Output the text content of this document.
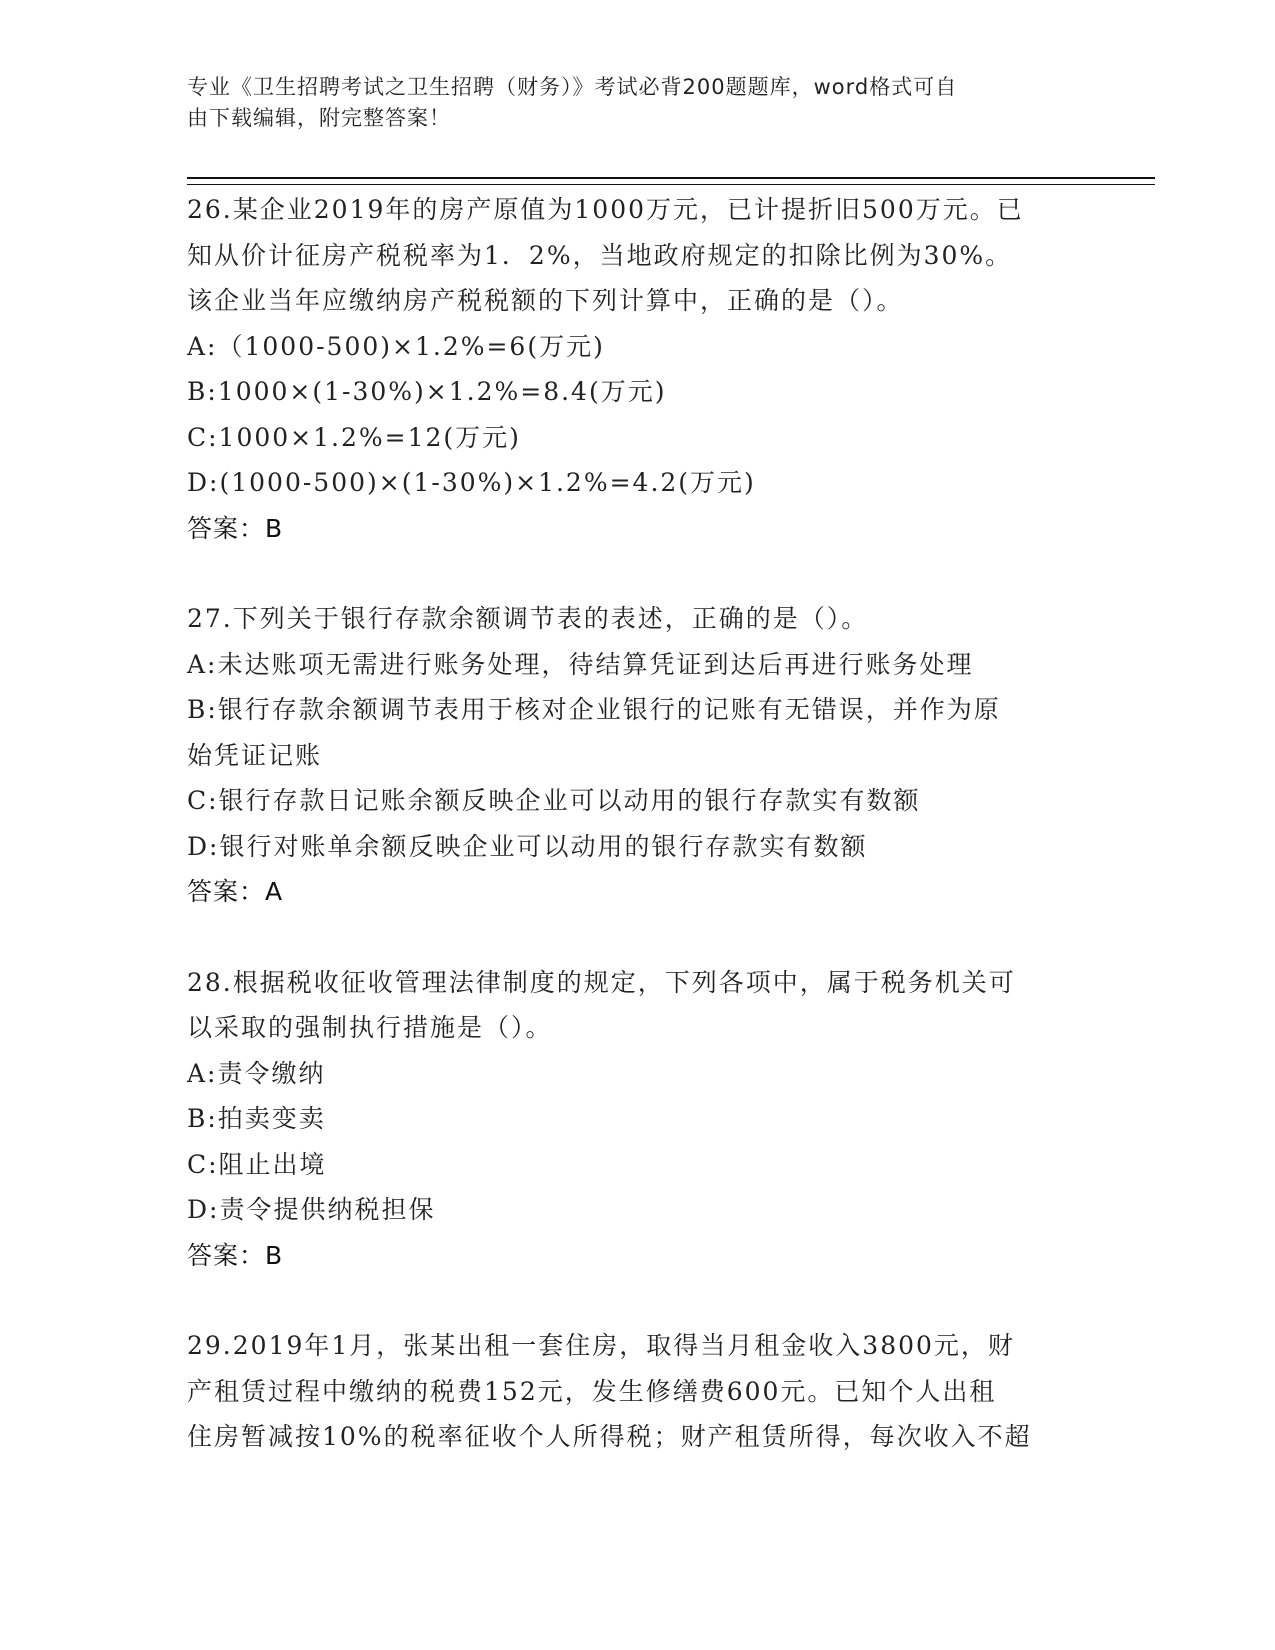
专业《卫生招聘考试之卫生招聘（财务）》考试必背200题题库，word格式可自
由下载编辑，附完整答案！
26.某企业2019年的房产原值为1000万元，已计提折旧500万元。已
知从价计征房产税税率为1．2%，当地政府规定的扣除比例为30%。
该企业当年应缴纳房产税税额的下列计算中，正确的是（）。
A:（1000-500)×1.2%=6(万元)
B:1000×(1-30%)×1.2%=8.4(万元)
C:1000×1.2%=12(万元)
D:(1000-500)×(1-30%)×1.2%=4.2(万元)
答案：B
27.下列关于银行存款余额调节表的表述，正确的是（）。
A:未达账项无需进行账务处理，待结算凭证到达后再进行账务处理
B:银行存款余额调节表用于核对企业银行的记账有无错误，并作为原
始凭证记账
C:银行存款日记账余额反映企业可以动用的银行存款实有数额
D:银行对账单余额反映企业可以动用的银行存款实有数额
答案：A
28.根据税收征收管理法律制度的规定，下列各项中，属于税务机关可
以采取的强制执行措施是（）。
A:责令缴纳
B:拍卖变卖
C:阻止出境
D:责令提供纳税担保
答案：B
29.2019年1月，张某出租一套住房，取得当月租金收入3800元，财
产租赁过程中缴纳的税费152元，发生修缮费600元。已知个人出租
住房暂减按10%的税率征收个人所得税；财产租赁所得，每次收入不超
